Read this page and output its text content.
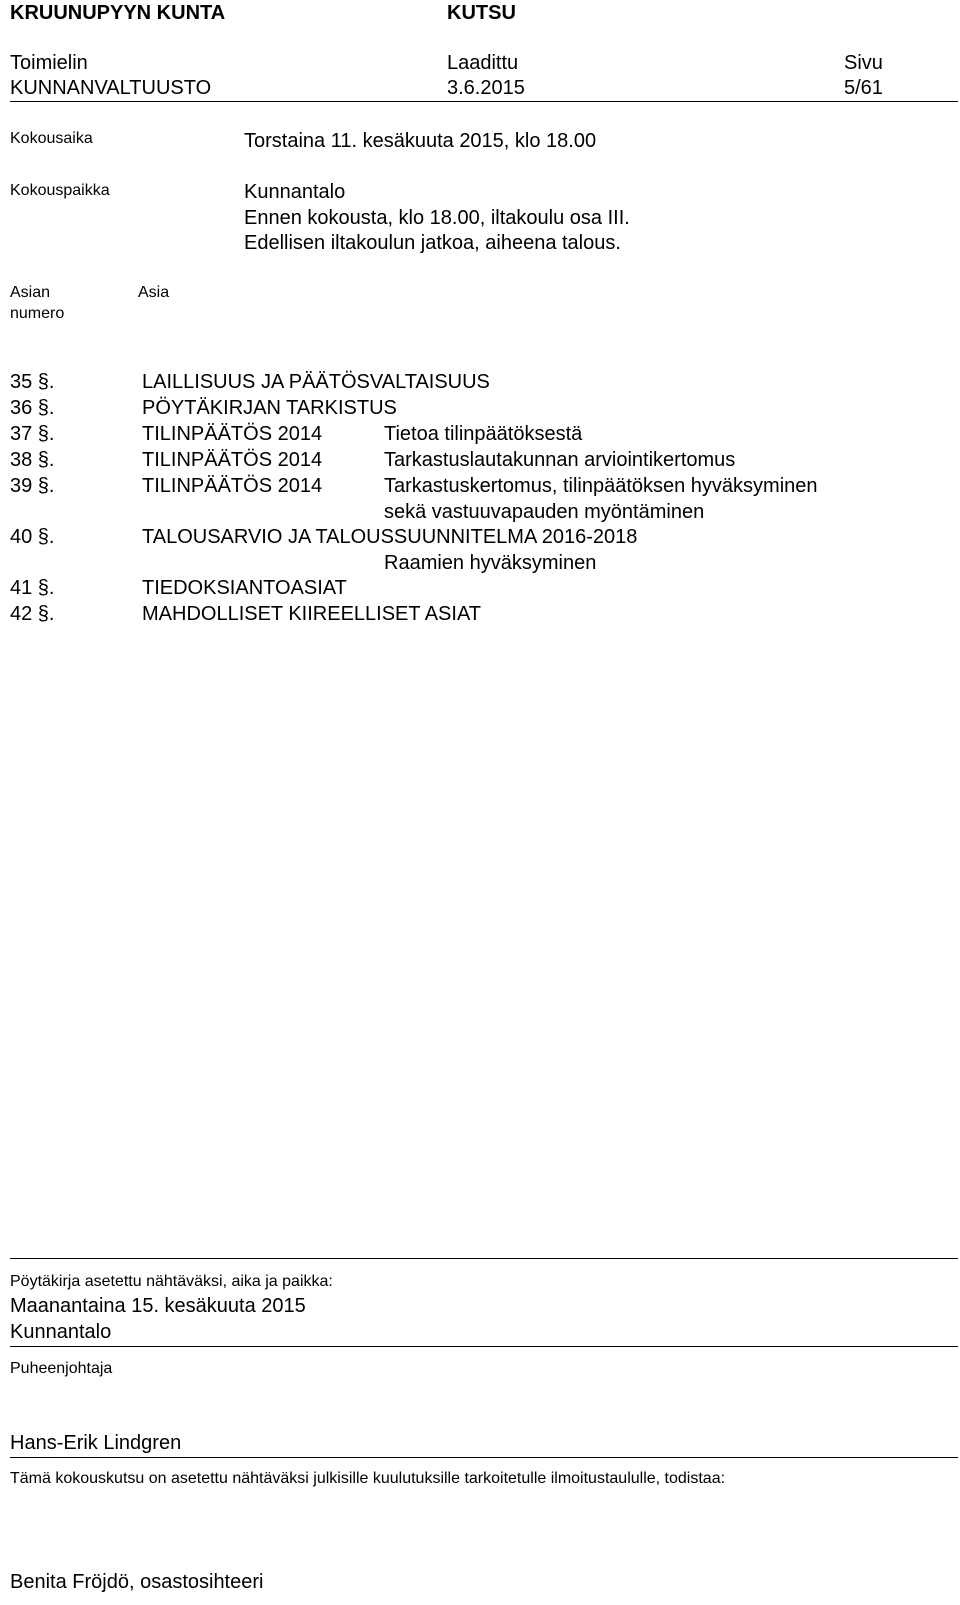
KRUUNUPYYN KUNTA	KUTSU
Toimielin	Laadittu	Sivu
KUNNANVALTUUSTO	3.6.2015	5/61
Kokousaika	Torstaina 11. kesäkuuta 2015, klo 18.00
Kokouspaikka	Kunnantalo
Ennen kokousta, klo 18.00, iltakoulu osa III.
Edellisen iltakoulun jatkoa, aiheena talous.
Asian
numero
Asia
35 §.	LAILLISUUS JA PÄÄTÖSVALTAISUUS
36 §.	PÖYTÄKIRJAN TARKISTUS
37 §.	TILINPÄÄTÖS 2014	Tietoa tilinpäätöksestä
38 §.	TILINPÄÄTÖS 2014	Tarkastuslautakunnan arviointikertomus
39 §.	TILINPÄÄTÖS 2014	Tarkastuskertomus, tilinpäätöksen hyväksyminen
sekä vastuuvapauden myöntäminen
40 §.	TALOUSARVIO JA TALOUSSUUNNITELMA 2016-2018
Raamien hyväksyminen
41 §.	TIEDOKSIANTOASIAT
42 §.	MAHDOLLISET KIIREELLISET ASIAT
Pöytäkirja asetettu nähtäväksi, aika ja paikka:
Maanantaina 15. kesäkuuta 2015
Kunnantalo
Puheenjohtaja
Hans-Erik Lindgren
Tämä kokouskutsu on asetettu nähtäväksi julkisille kuulutuksille tarkoitetulle ilmoitustaululle, todistaa:
Benita Fröjdö, osastosihteeri
